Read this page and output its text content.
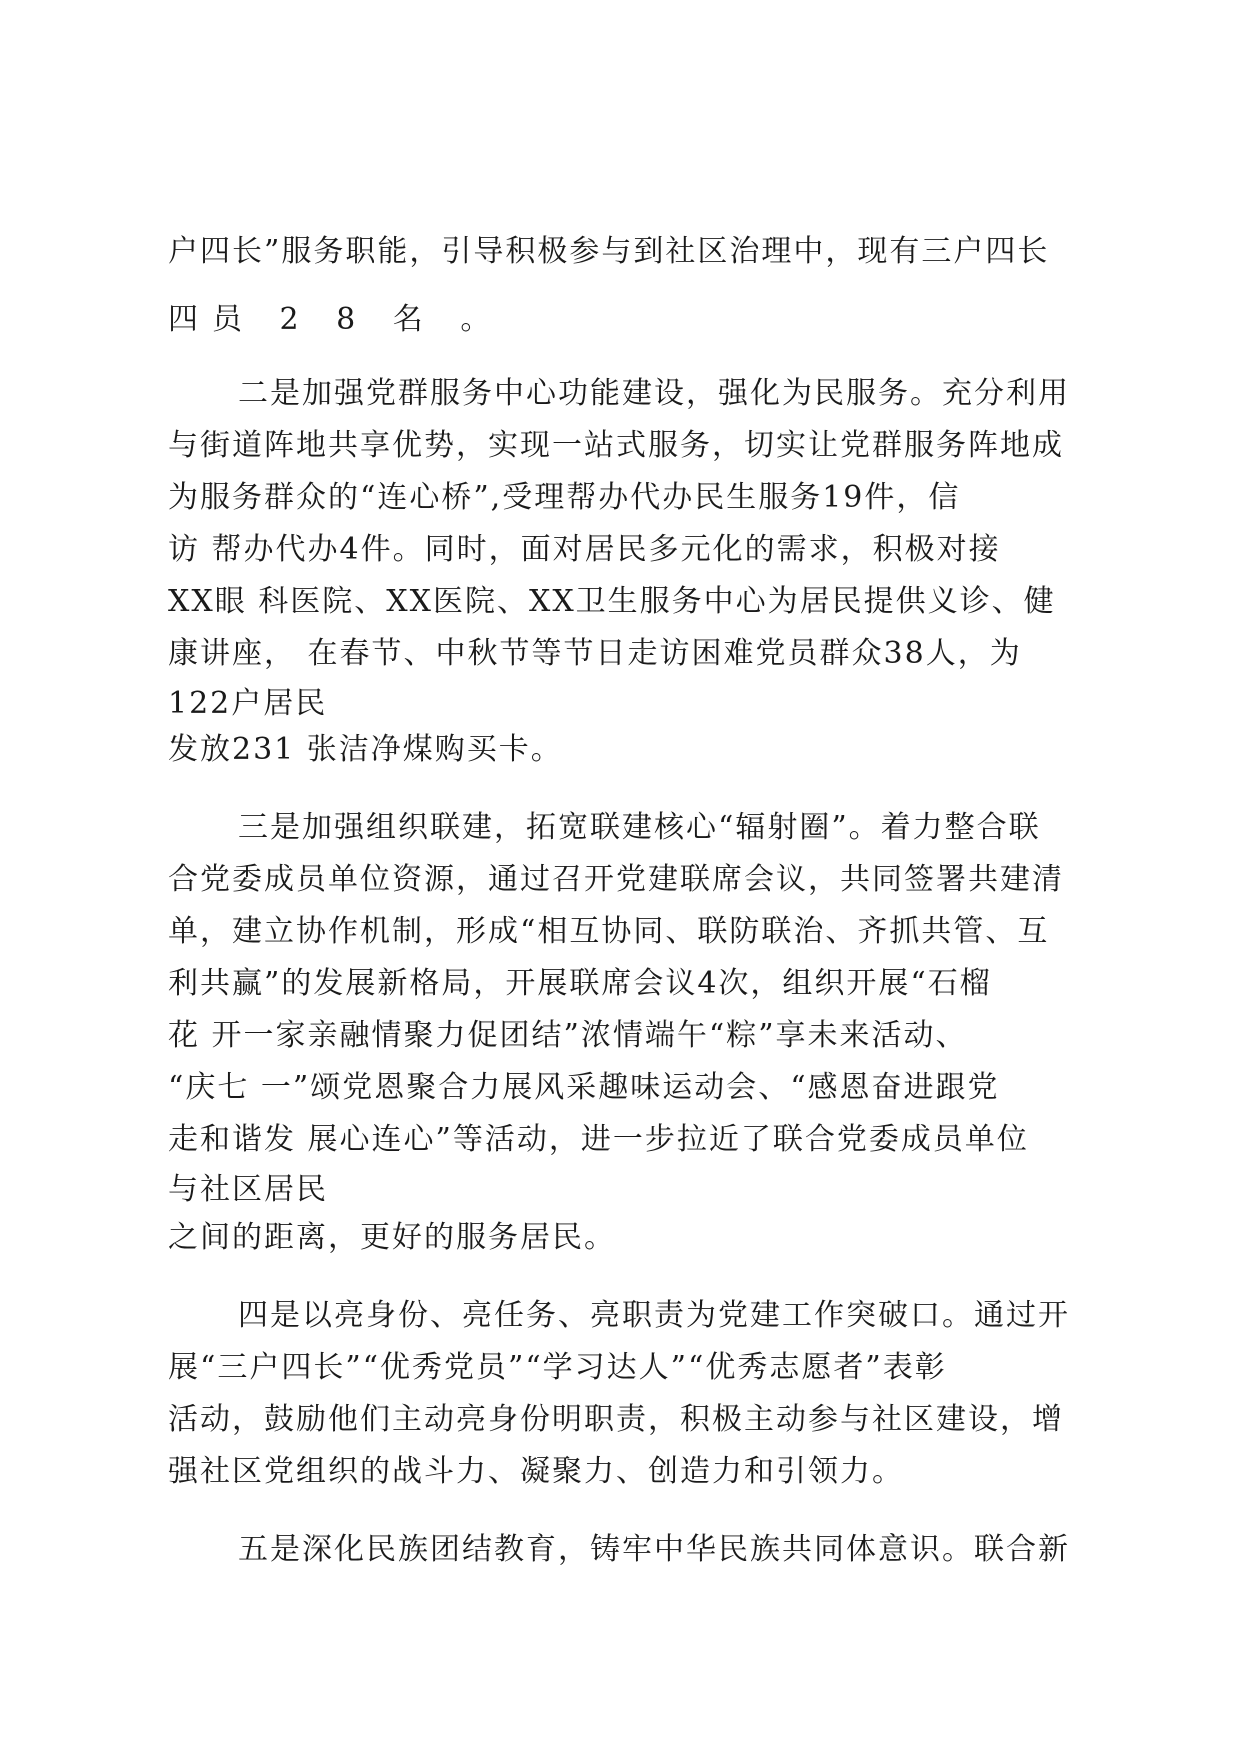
户四长”服务职能，引导积极参与到社区治理中，现有三户四长
四员 2 8 名 。
二是加强党群服务中心功能建设，强化为民服务。充分利用
与街道阵地共享优势，实现一站式服务，切实让党群服务阵地成
为服务群众的“连心桥”,受理帮办代办民生服务19件，信
访 帮办代办4件。同时，面对居民多元化的需求，积极对接
XX眼 科医院、XX医院、XX卫生服务中心为居民提供义诊、健
康讲座， 在春节、中秋节等节日走访困难党员群众38人，为
122户居民
发放231 张洁净煤购买卡。
三是加强组织联建，拓宽联建核心“辐射圈”。着力整合联
合党委成员单位资源，通过召开党建联席会议，共同签署共建清
单，建立协作机制，形成“相互协同、联防联治、齐抓共管、互
利共赢”的发展新格局，开展联席会议4次，组织开展“石榴
花 开一家亲融情聚力促团结”浓情端午“粽”享未来活动、
“庆七 一”颂党恩聚合力展风采趣味运动会、“感恩奋进跟党
走和谐发 展心连心”等活动，进一步拉近了联合党委成员单位
与社区居民
之间的距离，更好的服务居民。
四是以亮身份、亮任务、亮职责为党建工作突破口。通过开
展“三户四长”“优秀党员”“学习达人”“优秀志愿者”表彰
活动，鼓励他们主动亮身份明职责，积极主动参与社区建设，增
强社区党组织的战斗力、凝聚力、创造力和引领力。
五是深化民族团结教育，铸牢中华民族共同体意识。联合新
